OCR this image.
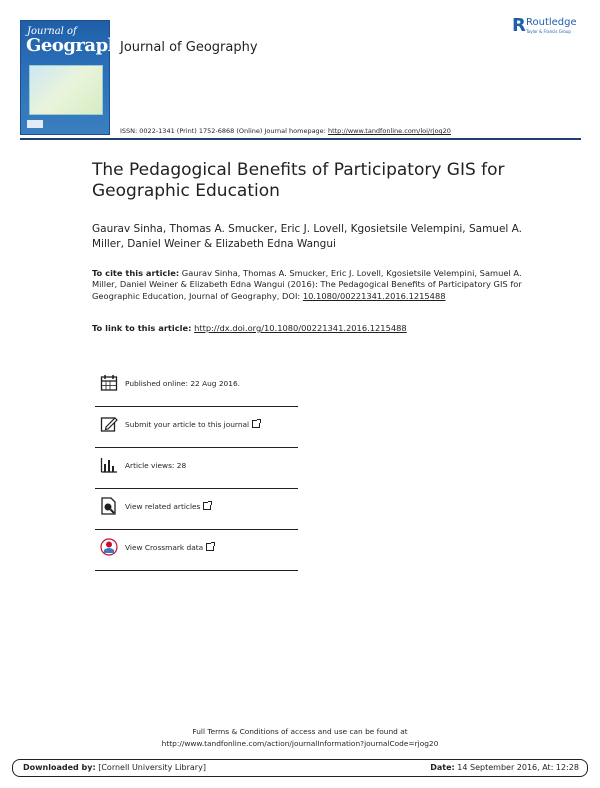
Journal of
Geography
Journal of Geography
R Routledge
Taylor & Francis Group
ISSN: 0022-1341 (Print) 1752-6868 (Online) Journal homepage: http://www.tandfonline.com/loi/rjog20
The Pedagogical Benefits of Participatory GIS for Geographic Education
Gaurav Sinha, Thomas A. Smucker, Eric J. Lovell, Kgosietsile Velempini, Samuel A. Miller, Daniel Weiner & Elizabeth Edna Wangui
To cite this article: Gaurav Sinha, Thomas A. Smucker, Eric J. Lovell, Kgosietsile Velempini, Samuel A. Miller, Daniel Weiner & Elizabeth Edna Wangui (2016): The Pedagogical Benefits of Participatory GIS for Geographic Education, Journal of Geography, DOI: 10.1080/00221341.2016.1215488
To link to this article: http://dx.doi.org/10.1080/00221341.2016.1215488
Published online: 22 Aug 2016.
Submit your article to this journal
Article views: 28
View related articles
View Crossmark data
Full Terms & Conditions of access and use can be found at
http://www.tandfonline.com/action/journalInformation?journalCode=rjog20
Downloaded by: [Cornell University Library]	Date: 14 September 2016, At: 12:28
